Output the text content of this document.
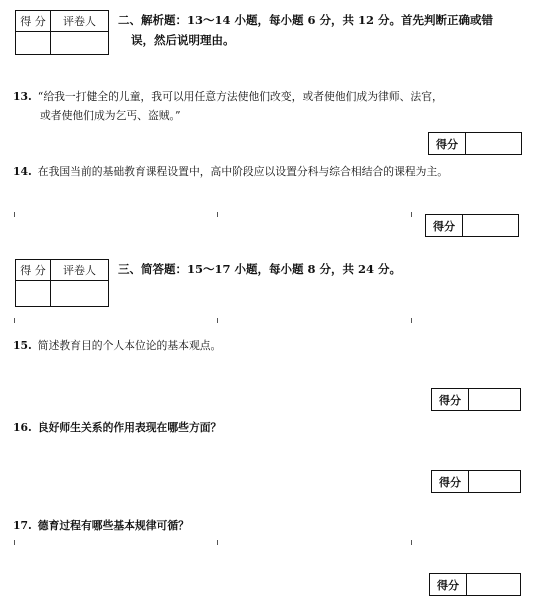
得 分	评卷人
	二、解析题：13～14 小题，每小题 6 分，共 12 分。首先判断正确或错
误，然后说明理由。
13. “给我一打健全的儿童，我可以用任意方法使他们改变，或者使他们成为律师、法官，
或者使他们成为乞丐、盗贼。”
得分
14. 在我国当前的基础教育课程设置中，高中阶段应以设置分科与综合相结合的课程为主。
得分
得 分	评卷人
	三、简答题：15～17 小题，每小题 8 分，共 24 分。
15. 简述教育目的个人本位论的基本观点。
得分
16. 良好师生关系的作用表现在哪些方面？
得分
17. 德育过程有哪些基本规律可循？
得分
